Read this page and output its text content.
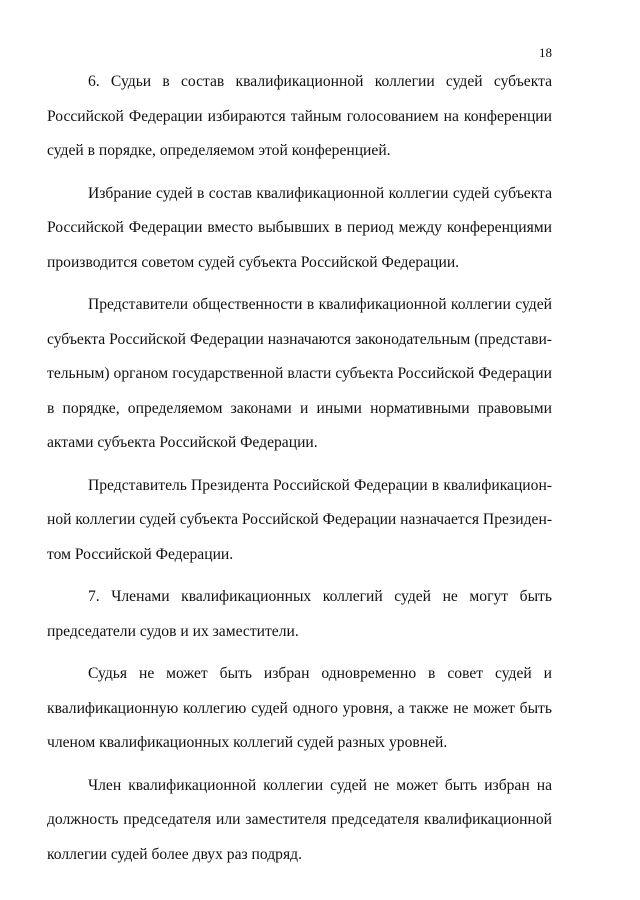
18

6. Судьи в состав квалификационной коллегии судей субъекта Российской Федерации избираются тайным голосованием на конференции судей в порядке, определяемом этой конференцией.

Избрание судей в состав квалификационной коллегии судей субъекта Российской Федерации вместо выбывших в период между конференциями производится советом судей субъекта Российской Федерации.

Представители общественности в квалификационной коллегии судей субъекта Российской Федерации назначаются законодательным (представительным) органом государственной власти субъекта Российской Федерации в порядке, определяемом законами и иными нормативными правовыми актами субъекта Российской Федерации.

Представитель Президента Российской Федерации в квалификационной коллегии судей субъекта Российской Федерации назначается Президентом Российской Федерации.

7. Членами квалификационных коллегий судей не могут быть председатели судов и их заместители.

Судья не может быть избран одновременно в совет судей и квалификационную коллегию судей одного уровня, а также не может быть членом квалификационных коллегий судей разных уровней.

Член квалификационной коллегии судей не может быть избран на должность председателя или заместителя председателя квалификационной коллегии судей более двух раз подряд.
